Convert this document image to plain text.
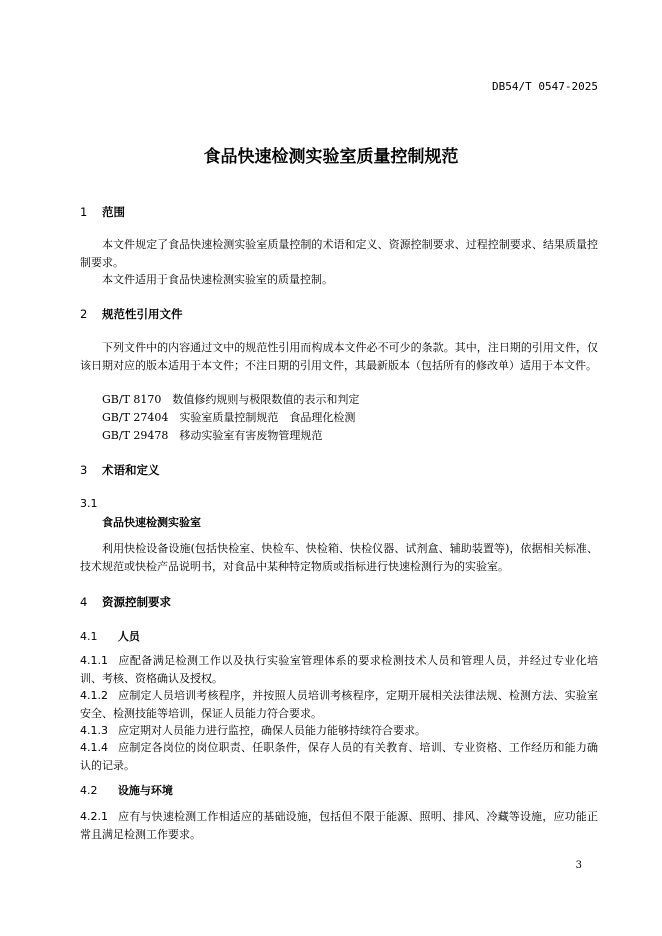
DB54/T 0547-2025
食品快速检测实验室质量控制规范
1 范围
本文件规定了食品快速检测实验室质量控制的术语和定义、资源控制要求、过程控制要求、结果质量控制要求。
本文件适用于食品快速检测实验室的质量控制。
2 规范性引用文件
下列文件中的内容通过文中的规范性引用而构成本文件必不可少的条款。其中，注日期的引用文件，仅该日期对应的版本适用于本文件；不注日期的引用文件，其最新版本（包括所有的修改单）适用于本文件。
GB/T 8170　数值修约规则与极限数值的表示和判定
GB/T 27404　实验室质量控制规范　食品理化检测
GB/T 29478　移动实验室有害废物管理规范
3 术语和定义
3.1
食品快速检测实验室
利用快检设备设施(包括快检室、快检车、快检箱、快检仪器、试剂盒、辅助装置等)，依据相关标准、技术规范或快检产品说明书，对食品中某种特定物质或指标进行快速检测行为的实验室。
4 资源控制要求
4.1 人员
4.1.1 应配备满足检测工作以及执行实验室管理体系的要求检测技术人员和管理人员，并经过专业化培训、考核、资格确认及授权。
4.1.2 应制定人员培训考核程序，并按照人员培训考核程序，定期开展相关法律法规、检测方法、实验室安全、检测技能等培训，保证人员能力符合要求。
4.1.3 应定期对人员能力进行监控，确保人员能力能够持续符合要求。
4.1.4 应制定各岗位的岗位职责、任职条件，保存人员的有关教育、培训、专业资格、工作经历和能力确认的记录。
4.2 设施与环境
4.2.1 应有与快速检测工作相适应的基础设施，包括但不限于能源、照明、排风、冷藏等设施，应功能正常且满足检测工作要求。
3
